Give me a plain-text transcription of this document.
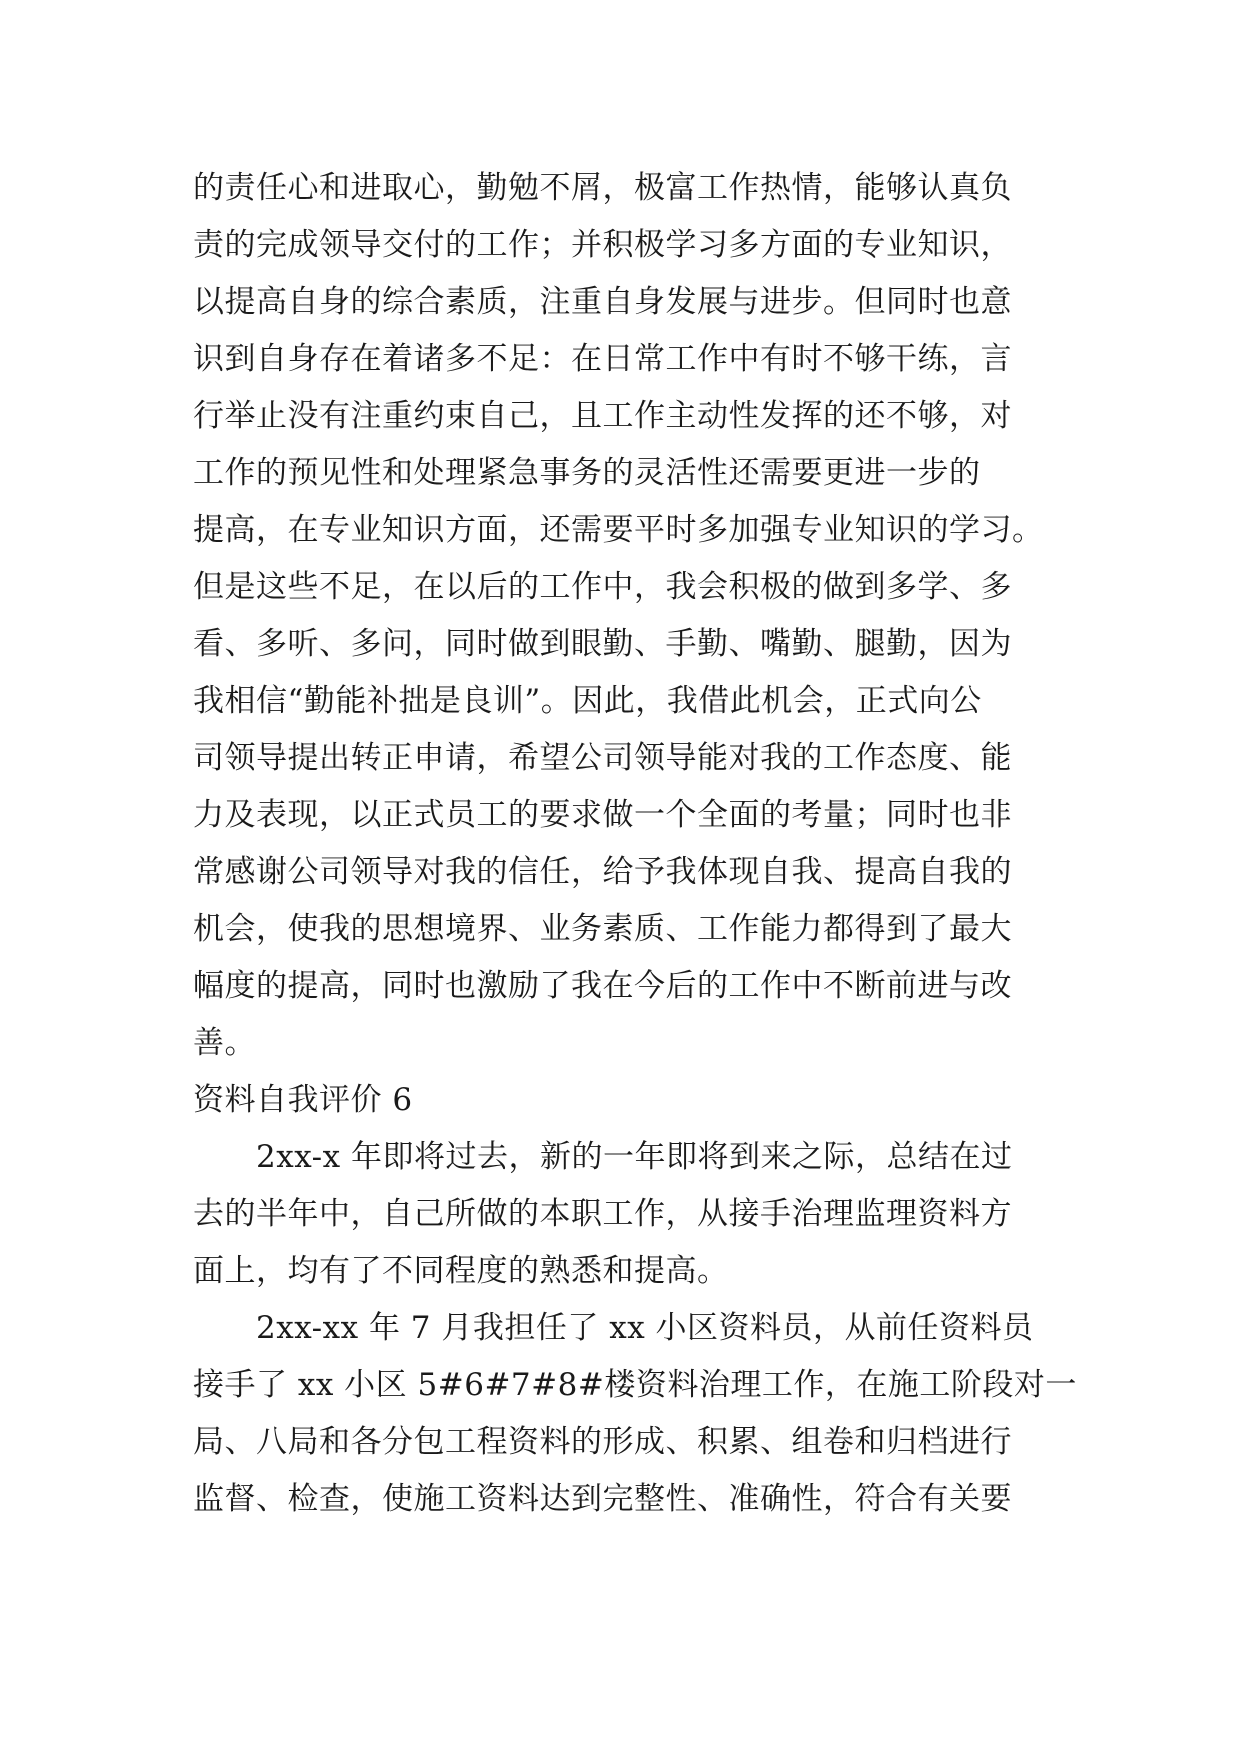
的责任心和进取心，勤勉不屑，极富工作热情，能够认真负
责的完成领导交付的工作；并积极学习多方面的专业知识，
以提高自身的综合素质，注重自身发展与进步。但同时也意
识到自身存在着诸多不足：在日常工作中有时不够干练，言
行举止没有注重约束自己，且工作主动性发挥的还不够，对
工作的预见性和处理紧急事务的灵活性还需要更进一步的
提高，在专业知识方面，还需要平时多加强专业知识的学习。
但是这些不足，在以后的工作中，我会积极的做到多学、多
看、多听、多问，同时做到眼勤、手勤、嘴勤、腿勤，因为
我相信“勤能补拙是良训”。因此，我借此机会，正式向公
司领导提出转正申请，希望公司领导能对我的工作态度、能
力及表现，以正式员工的要求做一个全面的考量；同时也非
常感谢公司领导对我的信任，给予我体现自我、提高自我的
机会，使我的思想境界、业务素质、工作能力都得到了最大
幅度的提高，同时也激励了我在今后的工作中不断前进与改
善。
资料自我评价 6
　　2xx-x 年即将过去，新的一年即将到来之际，总结在过
去的半年中，自己所做的本职工作，从接手治理监理资料方
面上，均有了不同程度的熟悉和提高。
　　2xx-xx 年 7 月我担任了 xx 小区资料员，从前任资料员
接手了 xx 小区 5#6#7#8#楼资料治理工作，在施工阶段对一
局、八局和各分包工程资料的形成、积累、组卷和归档进行
监督、检查，使施工资料达到完整性、准确性，符合有关要
